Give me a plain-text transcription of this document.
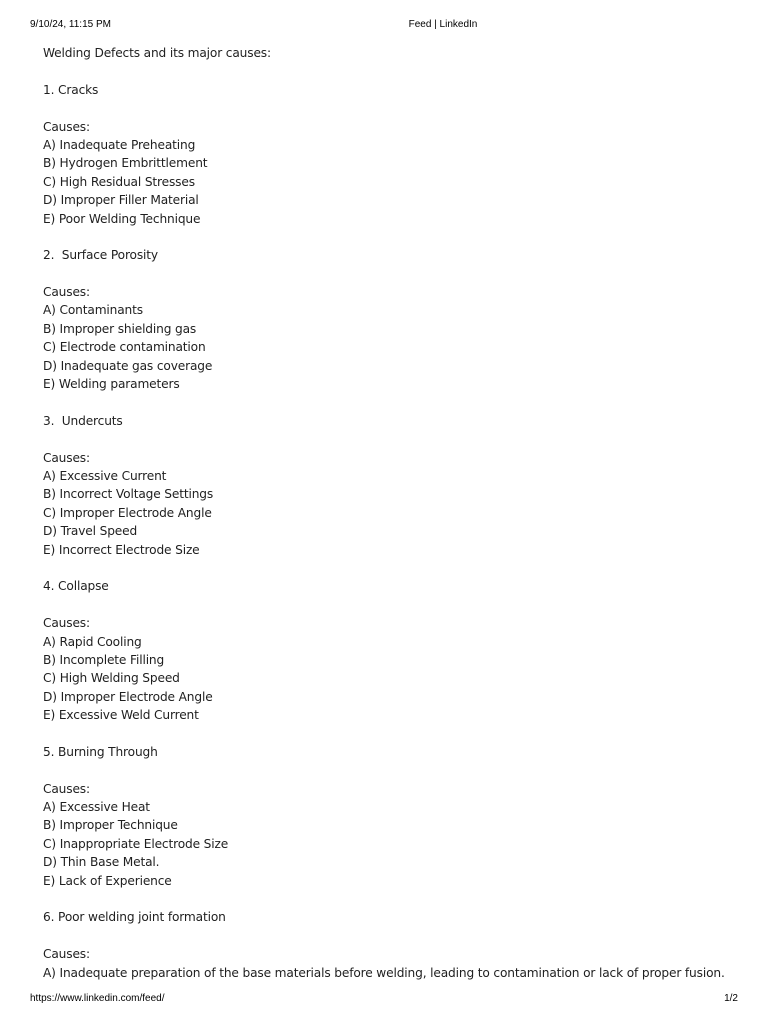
9/10/24, 11:15 PM	Feed | LinkedIn
Welding Defects and its major causes:
1. Cracks
Causes:
A) Inadequate Preheating
B) Hydrogen Embrittlement
C) High Residual Stresses
D) Improper Filler Material
E) Poor Welding Technique
2.  Surface Porosity
Causes:
A) Contaminants
B) Improper shielding gas
C) Electrode contamination
D) Inadequate gas coverage
E) Welding parameters
3.  Undercuts
Causes:
A) Excessive Current
B) Incorrect Voltage Settings
C) Improper Electrode Angle
D) Travel Speed
E) Incorrect Electrode Size
4. Collapse
Causes:
A) Rapid Cooling
B) Incomplete Filling
C) High Welding Speed
D) Improper Electrode Angle
E) Excessive Weld Current
5. Burning Through
Causes:
A) Excessive Heat
B) Improper Technique
C) Inappropriate Electrode Size
D) Thin Base Metal.
E) Lack of Experience
6. Poor welding joint formation
Causes:
A) Inadequate preparation of the base materials before welding, leading to contamination or lack of proper fusion.
https://www.linkedin.com/feed/	1/2
